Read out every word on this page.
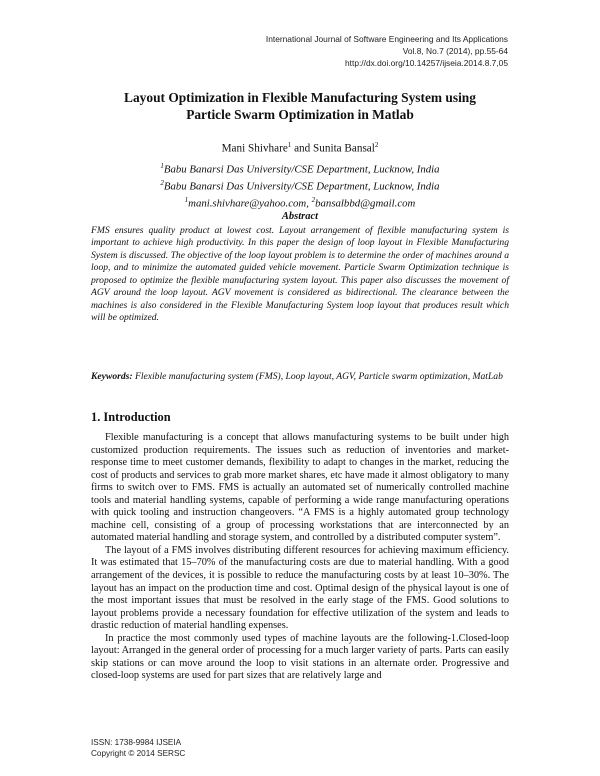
International Journal of Software Engineering and Its Applications
Vol.8, No.7 (2014), pp.55-64
http://dx.doi.org/10.14257/ijseia.2014.8.7,05
Layout Optimization in Flexible Manufacturing System using
Particle Swarm Optimization in Matlab
Mani Shivhare$^1$ and Sunita Bansal$^2$
$^1$Babu Banarsi Das University/CSE Department, Lucknow, India
$^2$Babu Banarsi Das University/CSE Department, Lucknow, India
$^1$mani.shivhare@yahoo.com, $^2$bansalbbd@gmail.com
Abstract
FMS ensures quality product at lowest cost. Layout arrangement of flexible manufacturing system is important to achieve high productivity. In this paper the design of loop layout in Flexible Manufacturing System is discussed. The objective of the loop layout problem is to determine the order of machines around a loop, and to minimize the automated guided vehicle movement. Particle Swarm Optimization technique is proposed to optimize the flexible manufacturing system layout. This paper also discusses the movement of AGV around the loop layout. AGV movement is considered as bidirectional. The clearance between the machines is also considered in the Flexible Manufacturing System loop layout that produces result which will be optimized.
Keywords: Flexible manufacturing system (FMS), Loop layout, AGV, Particle swarm optimization, MatLab
1. Introduction

Flexible manufacturing is a concept that allows manufacturing systems to be built under high customized production requirements. The issues such as reduction of inventories and market-response time to meet customer demands, flexibility to adapt to changes in the market, reducing the cost of products and services to grab more market shares, etc have made it almost obligatory to many firms to switch over to FMS. FMS is actually an automated set of numerically controlled machine tools and material handling systems, capable of performing a wide range manufacturing operations with quick tooling and instruction changeovers. “A FMS is a highly automated group technology machine cell, consisting of a group of processing workstations that are interconnected by an automated material handling and storage system, and controlled by a distributed computer system”.

The layout of a FMS involves distributing different resources for achieving maximum efficiency. It was estimated that 15–70% of the manufacturing costs are due to material handling. With a good arrangement of the devices, it is possible to reduce the manufacturing costs by at least 10–30%. The layout has an impact on the production time and cost. Optimal design of the physical layout is one of the most important issues that must be resolved in the early stage of the FMS. Good solutions to layout problems provide a necessary foundation for effective utilization of the system and leads to drastic reduction of material handling expenses.

In practice the most commonly used types of machine layouts are the following-1.Closed-loop layout: Arranged in the general order of processing for a much larger variety of parts. Parts can easily skip stations or can move around the loop to visit stations in an alternate order. Progressive and closed-loop systems are used for part sizes that are relatively large and

ISSN: 1738-9984 IJSEIA
Copyright © 2014 SERSC
